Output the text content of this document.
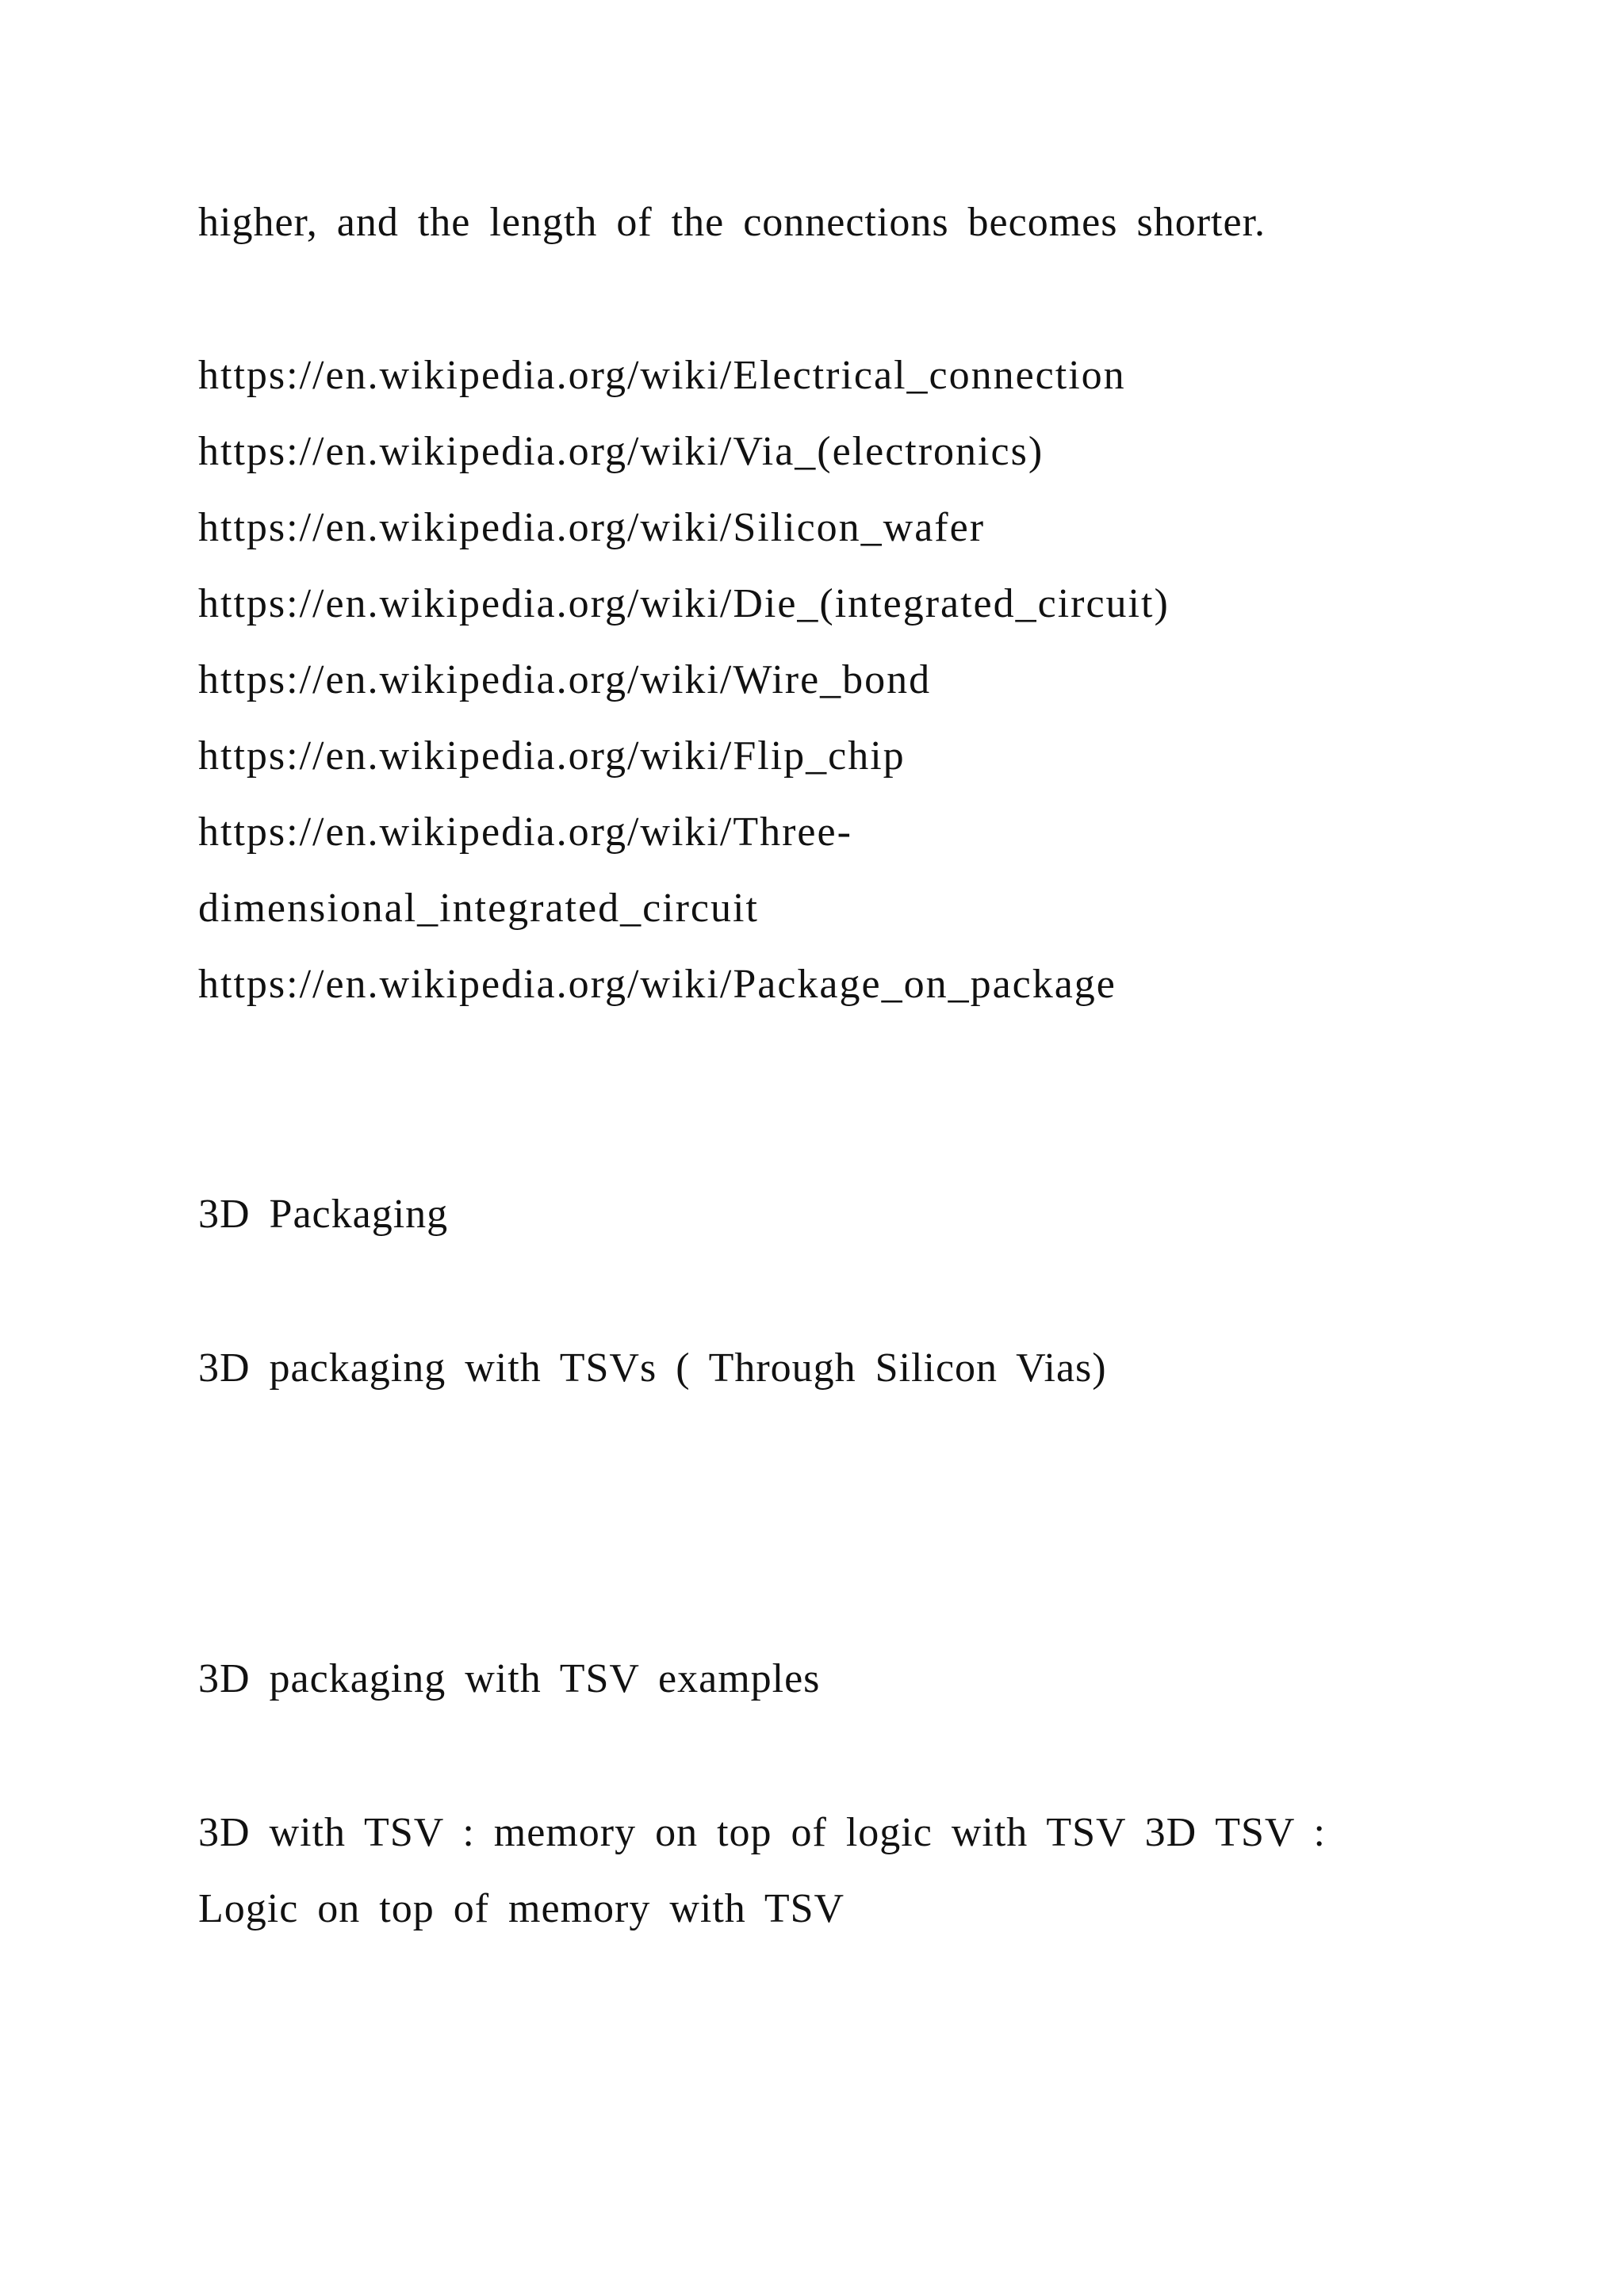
higher, and the length of the connections becomes shorter.

https://en.wikipedia.org/wiki/Electrical_connection
https://en.wikipedia.org/wiki/Via_(electronics)
https://en.wikipedia.org/wiki/Silicon_wafer
https://en.wikipedia.org/wiki/Die_(integrated_circuit)
https://en.wikipedia.org/wiki/Wire_bond
https://en.wikipedia.org/wiki/Flip_chip
https://en.wikipedia.org/wiki/Three-
dimensional_integrated_circuit
https://en.wikipedia.org/wiki/Package_on_package

3D Packaging

3D packaging with TSVs ( Through Silicon Vias)

3D packaging with TSV examples

3D with TSV : memory on top of logic with TSV 3D TSV :

Logic on top of memory with TSV
